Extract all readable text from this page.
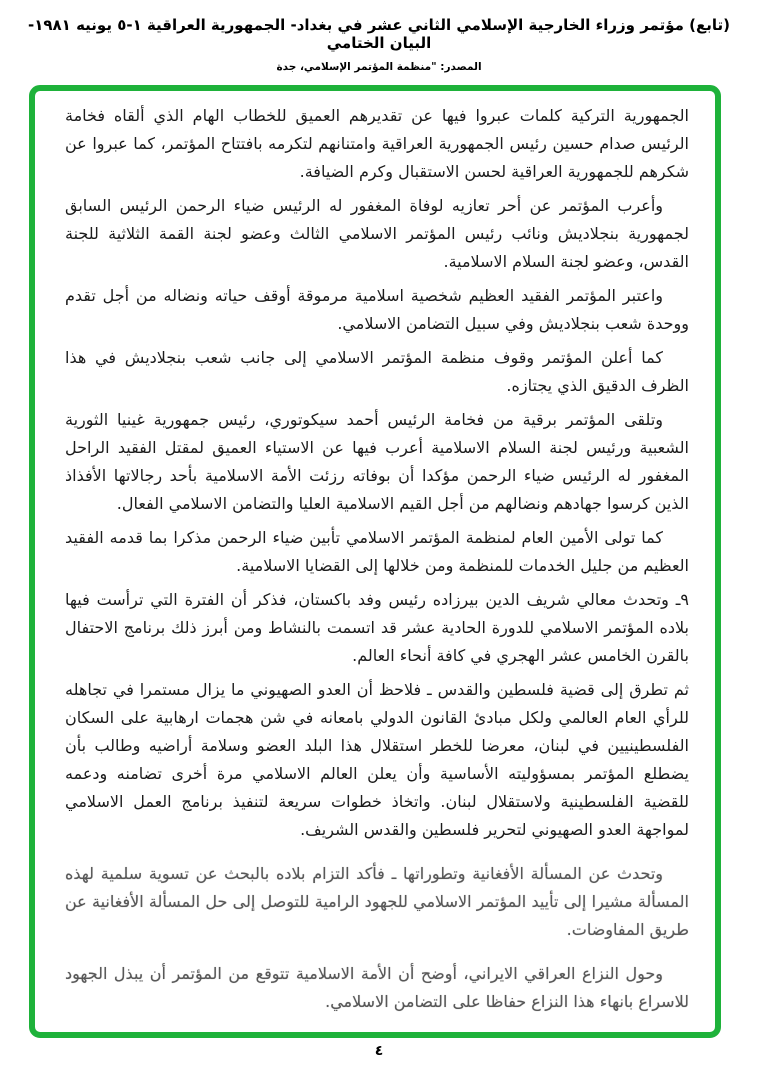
(تابع) مؤتمر وزراء الخارجية الإسلامي الثاني عشر في بغداد- الجمهورية العراقية ١-٥ يونيه ١٩٨١- البيان الختامي
المصدر: "منظمة المؤتمر الإسلامي، جدة

الجمهورية التركية كلمات عبروا فيها عن تقديرهم العميق للخطاب الهام الذي ألقاه فخامة الرئيس صدام حسين رئيس الجمهورية العراقية وامتنانهم لتكرمه بافتتاح المؤتمر، كما عبروا عن شكرهم للجمهورية العراقية لحسن الاستقبال وكرم الضيافة.

وأعرب المؤتمر عن أحر تعازيه لوفاة المغفور له الرئيس ضياء الرحمن الرئيس السابق لجمهورية بنجلاديش ونائب رئيس المؤتمر الاسلامي الثالث وعضو لجنة القمة الثلاثية للجنة القدس، وعضو لجنة السلام الاسلامية.

واعتبر المؤتمر الفقيد العظيم شخصية اسلامية مرموقة أوقف حياته ونضاله من أجل تقدم ووحدة شعب بنجلاديش وفي سبيل التضامن الاسلامي.

كما أعلن المؤتمر وقوف منظمة المؤتمر الاسلامي إلى جانب شعب بنجلاديش في هذا الظرف الدقيق الذي يجتازه.

وتلقى المؤتمر برقية من فخامة الرئيس أحمد سيكوتوري، رئيس جمهورية غينيا الثورية الشعبية ورئيس لجنة السلام الاسلامية أعرب فيها عن الاستياء العميق لمقتل الفقيد الراحل المغفور له الرئيس ضياء الرحمن مؤكدا أن بوفاته رزئت الأمة الاسلامية بأحد رجالاتها الأفذاذ الذين كرسوا جهادهم ونضالهم من أجل القيم الاسلامية العليا والتضامن الاسلامي الفعال.

كما تولى الأمين العام لمنظمة المؤتمر الاسلامي تأبين ضياء الرحمن مذكرا بما قدمه الفقيد العظيم من جليل الخدمات للمنظمة ومن خلالها إلى القضايا الاسلامية.

٩ـ وتحدث معالي شريف الدين بيرزاده رئيس وفد باكستان، فذكر أن الفترة التي ترأست فيها بلاده المؤتمر الاسلامي للدورة الحادية عشر قد اتسمت بالنشاط ومن أبرز ذلك برنامج الاحتفال بالقرن الخامس عشر الهجري في كافة أنحاء العالم.

ثم تطرق إلى قضية فلسطين والقدس ـ فلاحظ أن العدو الصهيوني ما يزال مستمرا في تجاهله للرأي العام العالمي ولكل مبادئ القانون الدولي بامعانه في شن هجمات ارهابية على السكان الفلسطينيين في لبنان، معرضا للخطر استقلال هذا البلد العضو وسلامة أراضيه وطالب بأن يضطلع المؤتمر بمسؤوليته الأساسية وأن يعلن العالم الاسلامي مرة أخرى تضامنه ودعمه للقضية الفلسطينية ولاستقلال لبنان. واتخاذ خطوات سريعة لتنفيذ برنامج العمل الاسلامي لمواجهة العدو الصهيوني لتحرير فلسطين والقدس الشريف.

وتحدث عن المسألة الأفغانية وتطوراتها ـ فأكد التزام بلاده بالبحث عن تسوية سلمية لهذه المسألة مشيرا إلى تأييد المؤتمر الاسلامي للجهود الرامية للتوصل إلى حل المسألة الأفغانية عن طريق المفاوضات.

وحول النزاع العراقي الايراني، أوضح أن الأمة الاسلامية تتوقع من المؤتمر أن يبذل الجهود للاسراع بانهاء هذا النزاع حفاظا على التضامن الاسلامي.

٤
